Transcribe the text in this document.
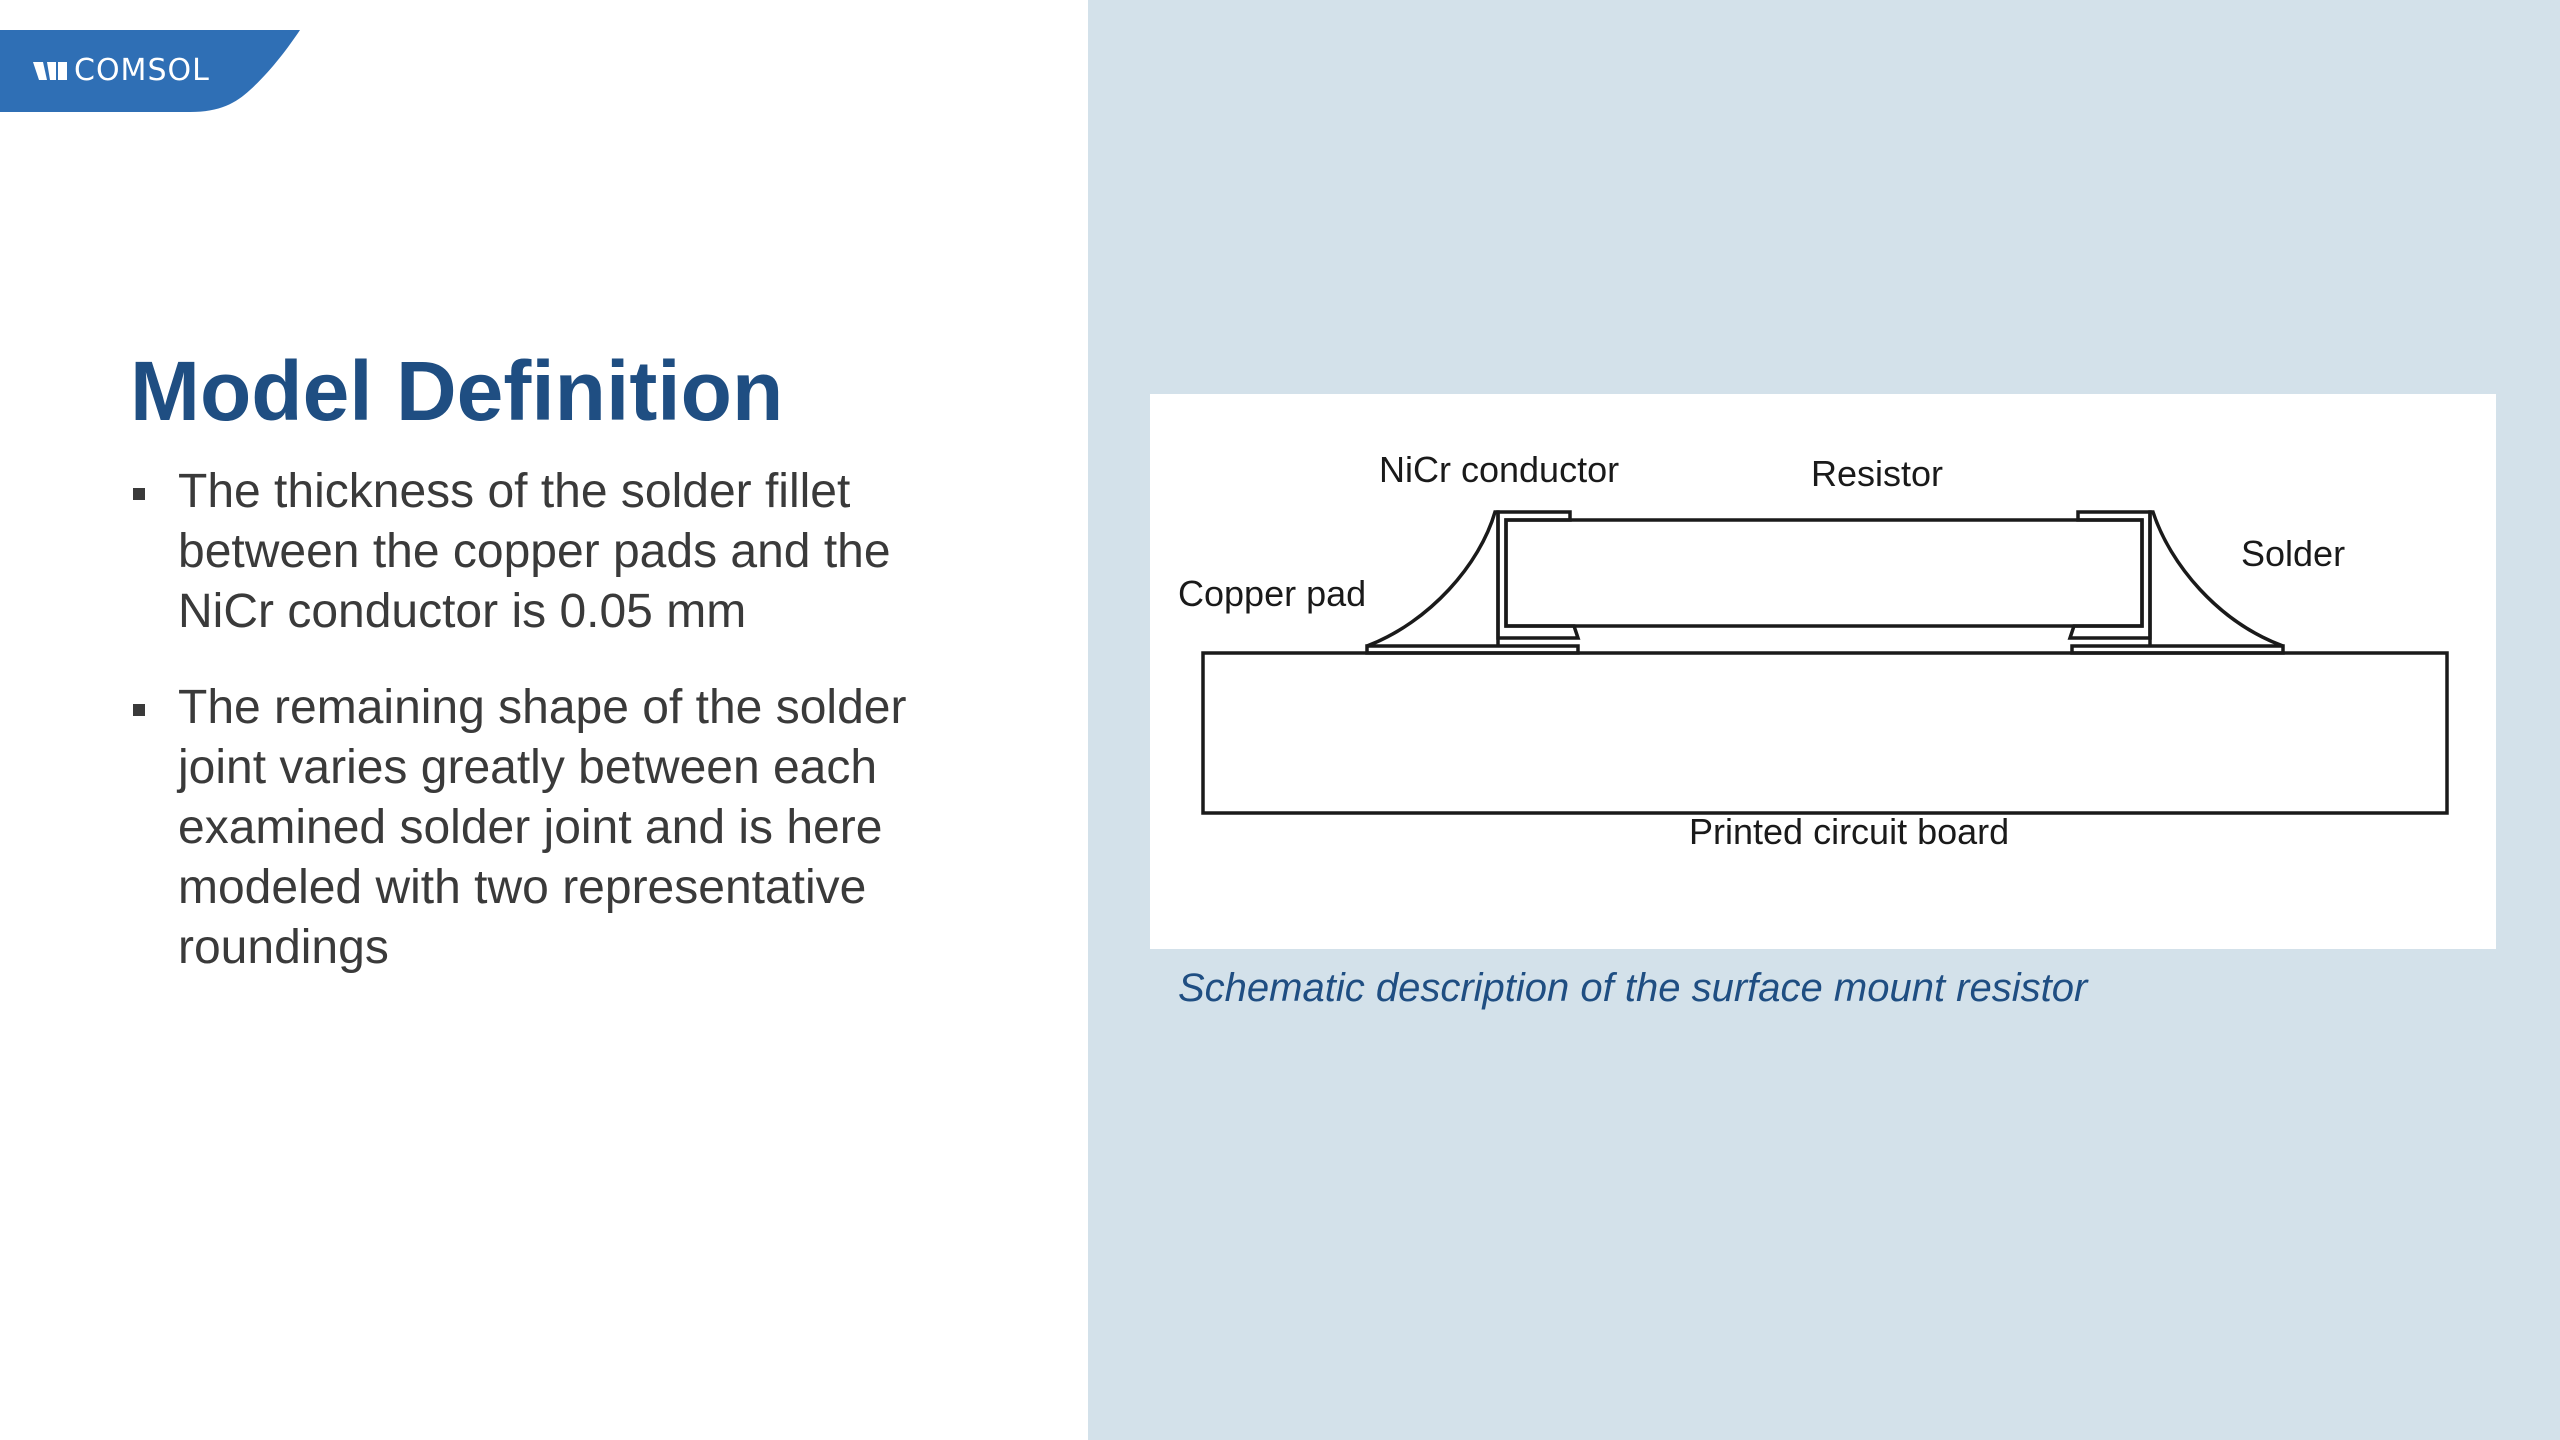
COMSOL
Model Definition
The thickness of the solder fillet between the copper pads and the NiCr conductor is 0.05 mm
The remaining shape of the solder joint varies greatly between each examined solder joint and is here modeled with two representative roundings
NiCr conductor	Resistor
Solder
Copper pad
Printed circuit board
Schematic description of the surface mount resistor
